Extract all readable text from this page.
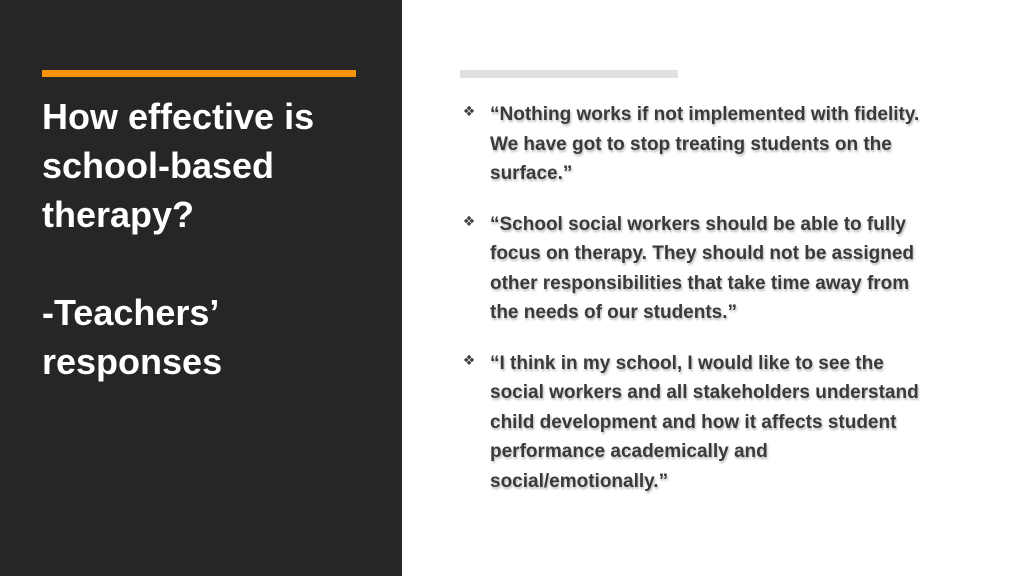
How effective is
school-based
therapy?
-Teachers’
responses
❖ “Nothing works if not implemented with fidelity.
We have got to stop treating students on the
surface.”
❖ “School social workers should be able to fully
focus on therapy. They should not be assigned
other responsibilities that take time away from
the needs of our students.”
❖ “I think in my school, I would like to see the
social workers and all stakeholders understand
child development and how it affects student
performance academically and
social/emotionally.”
